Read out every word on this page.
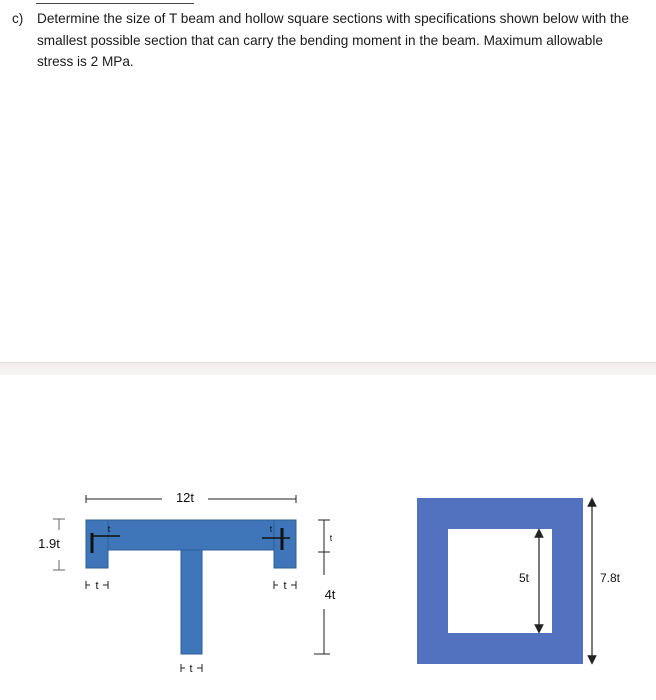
c) Determine the size of T beam and hollow square sections with specifications shown below with the smallest possible section that can carry the bending moment in the beam. Maximum allowable stress is 2 MPa.
12t
1.9t
t	t
t	t
t
t
4t
5t	7.8t
